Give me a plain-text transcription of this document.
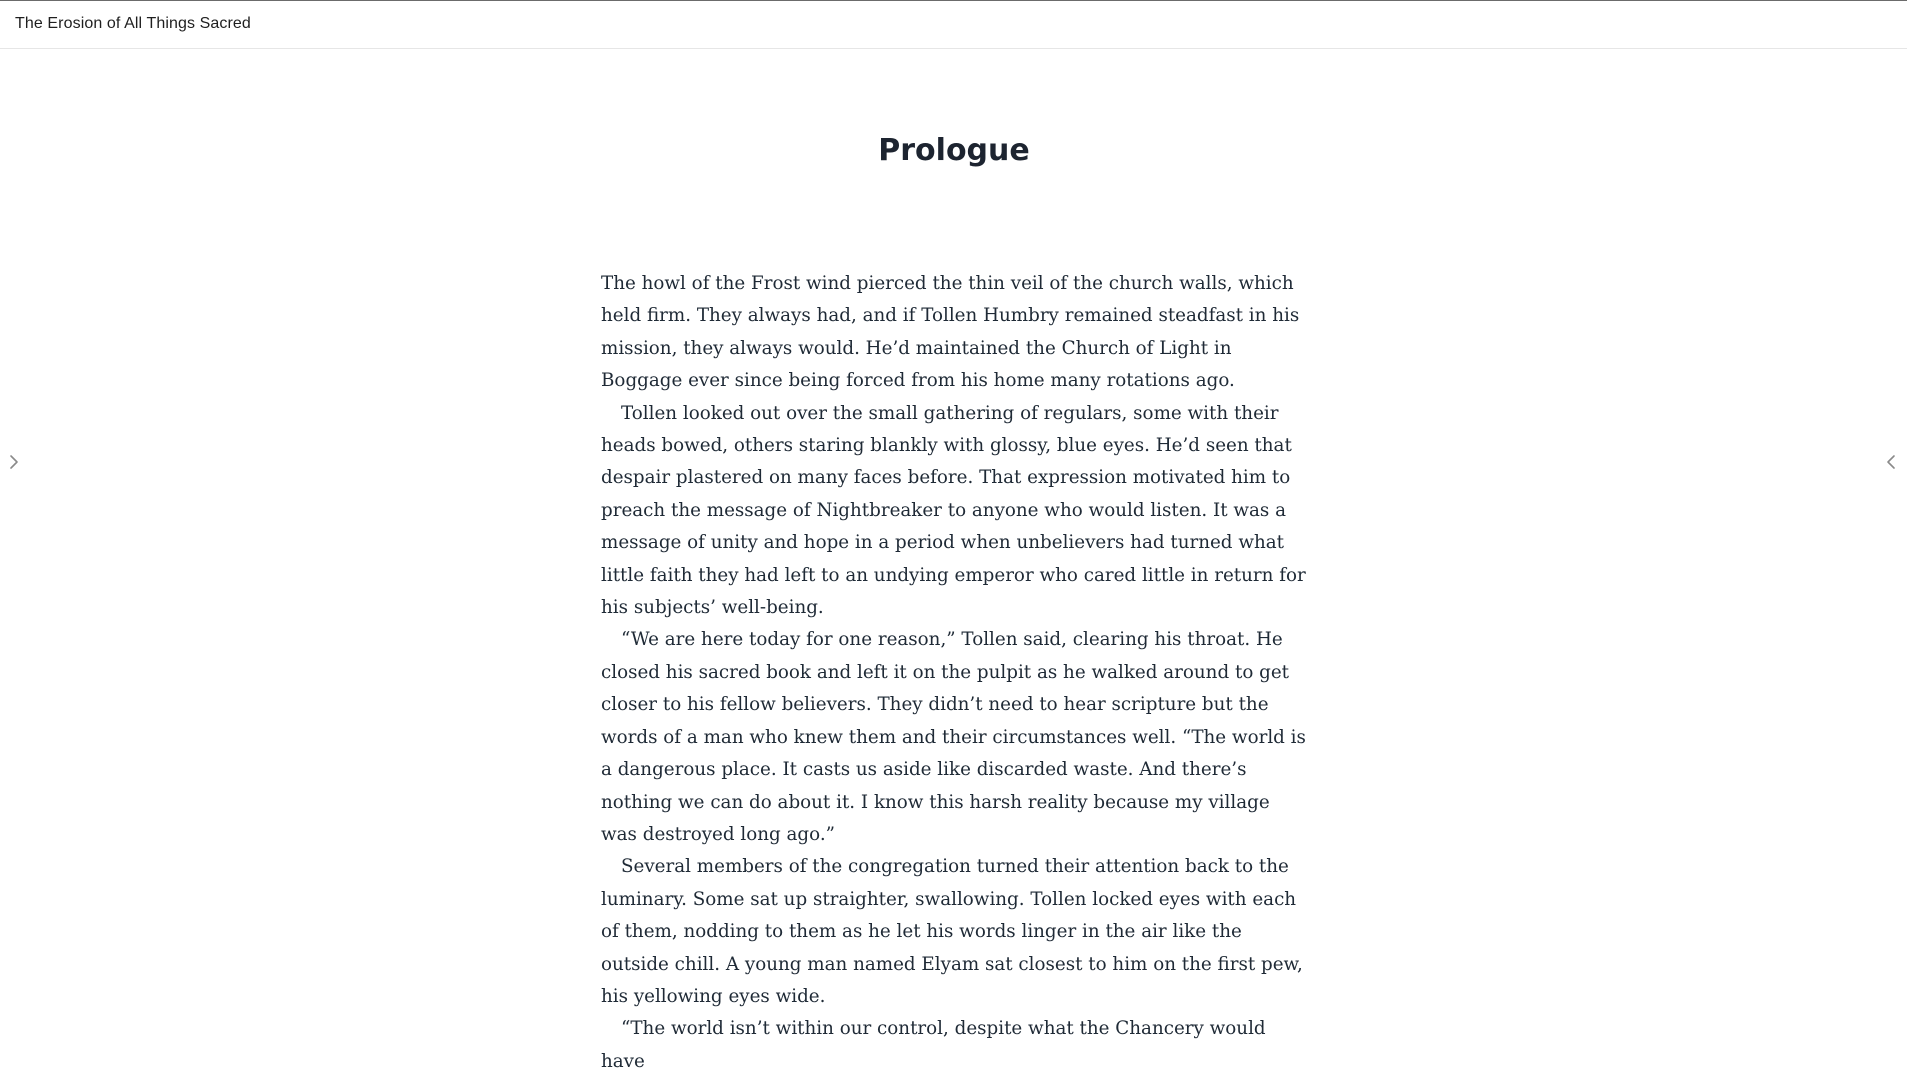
The Erosion of All Things Sacred
Prologue

The howl of the Frost wind pierced the thin veil of the church walls, which held firm. They always had, and if Tollen Humbry remained steadfast in his mission, they always would. He’d maintained the Church of Light in Boggage ever since being forced from his home many rotations ago.

Tollen looked out over the small gathering of regulars, some with their heads bowed, others staring blankly with glossy, blue eyes. He’d seen that despair plastered on many faces before. That expression motivated him to preach the message of Nightbreaker to anyone who would listen. It was a message of unity and hope in a period when unbelievers had turned what little faith they had left to an undying emperor who cared little in return for his subjects’ well-being.

“We are here today for one reason,” Tollen said, clearing his throat. He closed his sacred book and left it on the pulpit as he walked around to get closer to his fellow believers. They didn’t need to hear scripture but the words of a man who knew them and their circumstances well. “The world is a dangerous place. It casts us aside like discarded waste. And there’s nothing we can do about it. I know this harsh reality because my village was destroyed long ago.”

Several members of the congregation turned their attention back to the luminary. Some sat up straighter, swallowing. Tollen locked eyes with each of them, nodding to them as he let his words linger in the air like the outside chill. A young man named Elyam sat closest to him on the first pew, his yellowing eyes wide.

“The world isn’t within our control, despite what the Chancery would have
